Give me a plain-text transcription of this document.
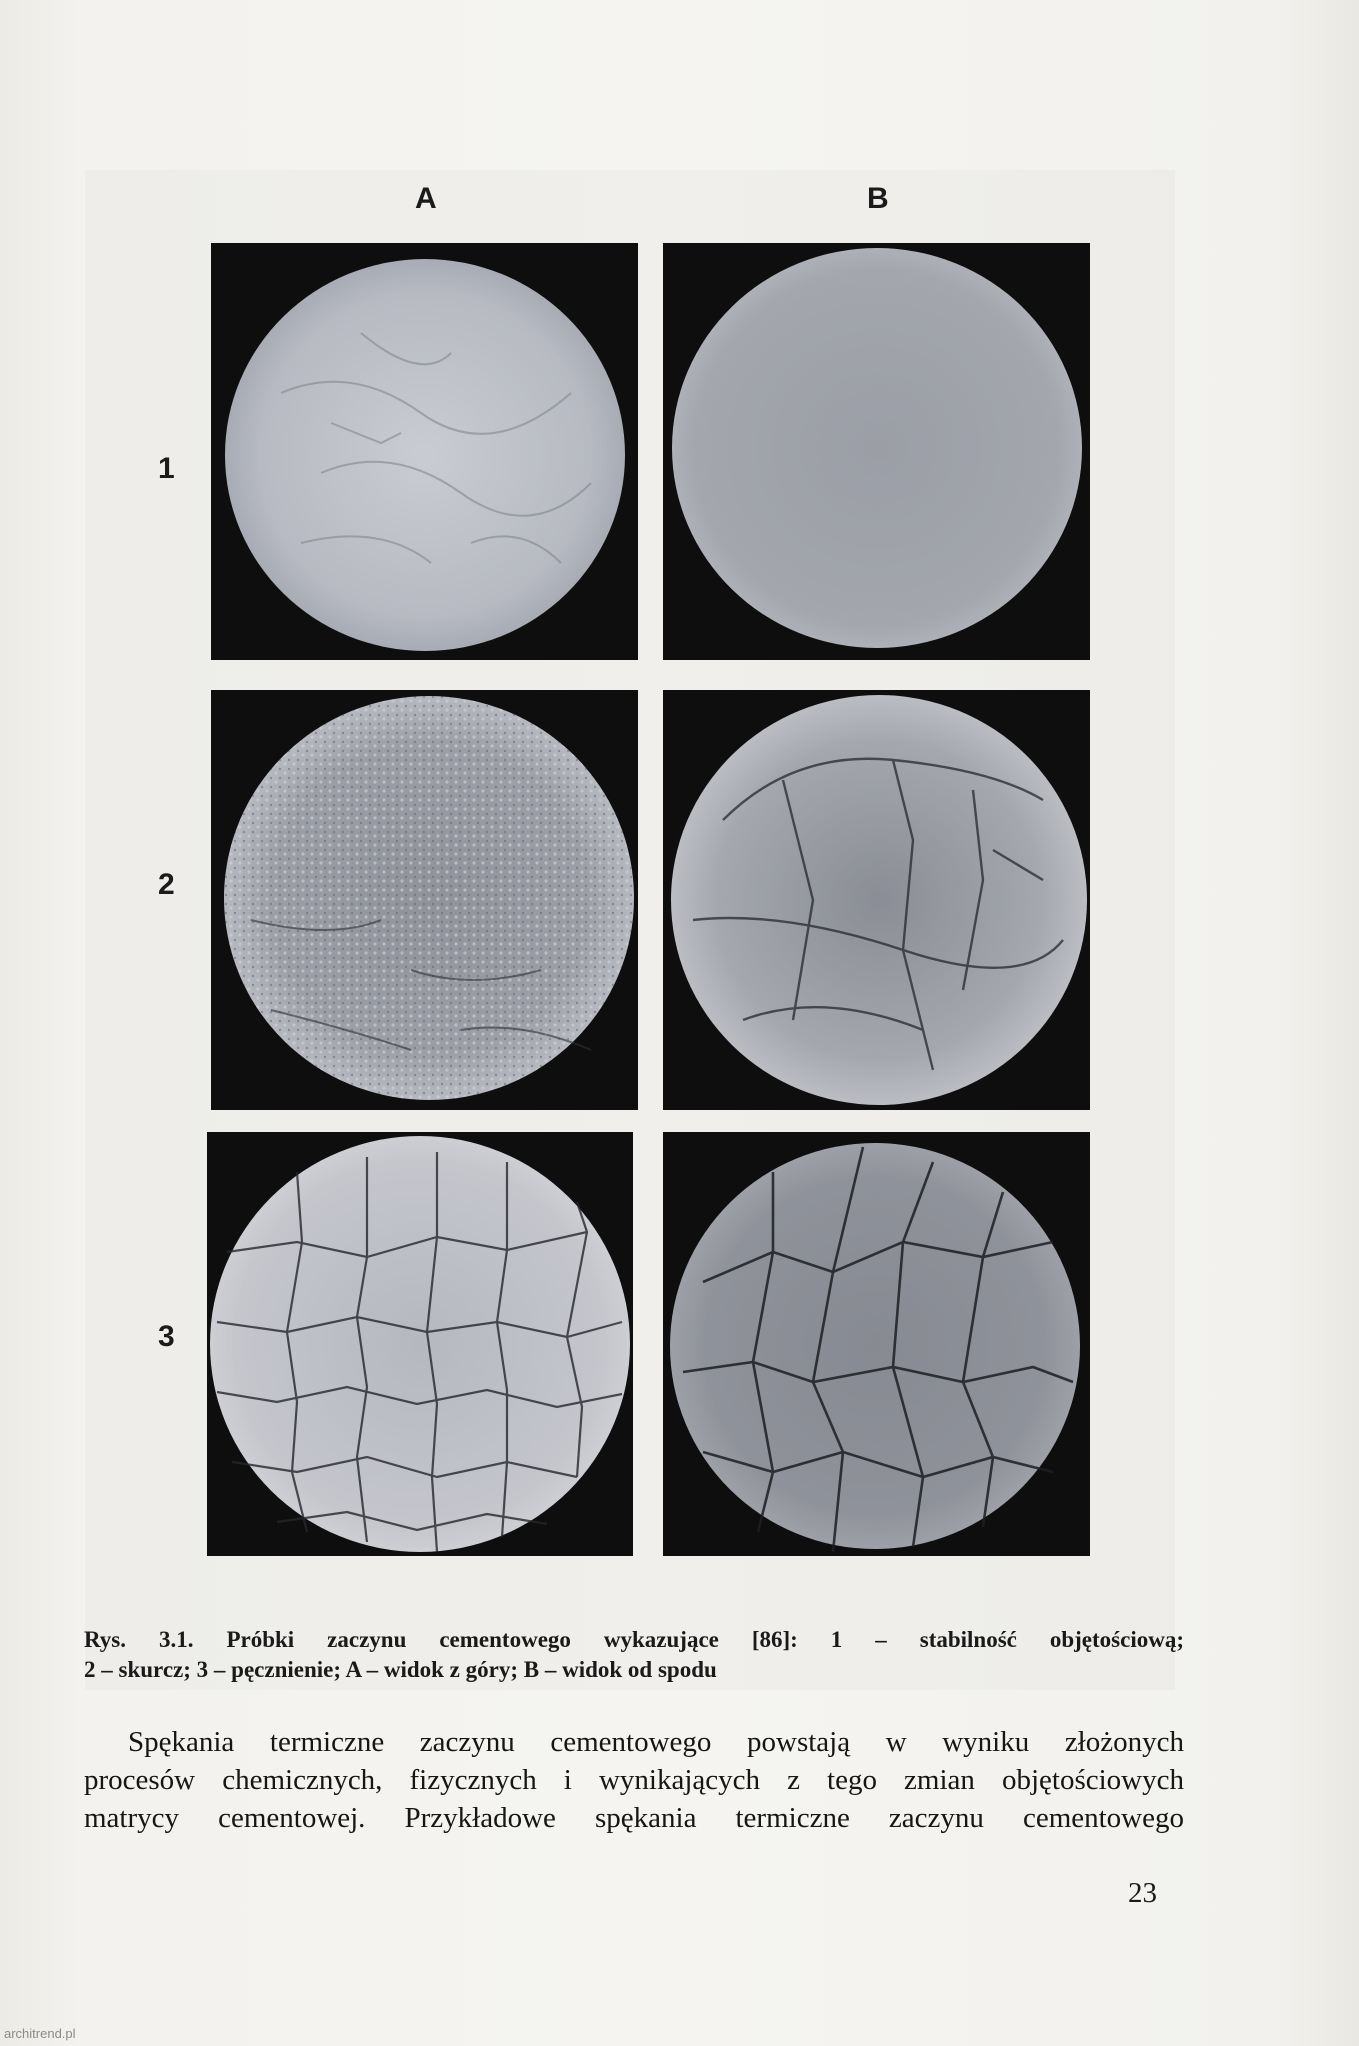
A	B
1
2
3
Rys. 3.1. Próbki zaczynu cementowego wykazujące [86]: 1 – stabilność objętościową;
2 – skurcz; 3 – pęcznienie; A – widok z góry; B – widok od spodu
Spękania termiczne zaczynu cementowego powstają w wyniku złożonych
procesów chemicznych, fizycznych i wynikających z tego zmian objętościowych
matrycy cementowej. Przykładowe spękania termiczne zaczynu cementowego
23
architrend.pl
